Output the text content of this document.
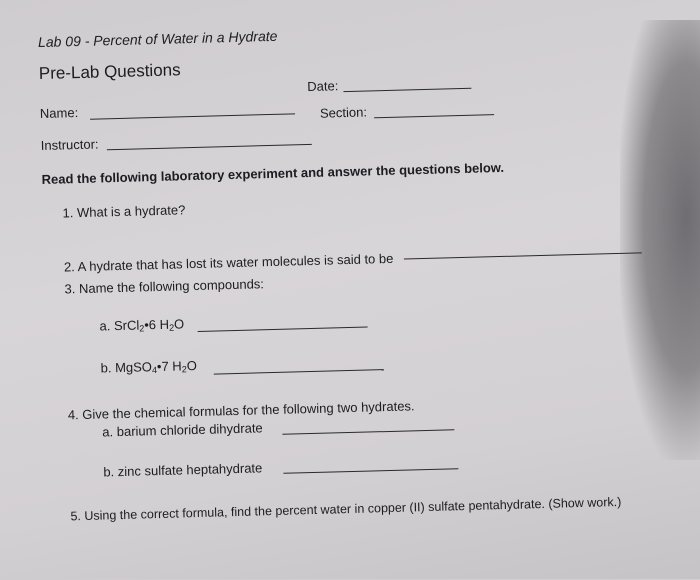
Lab 09 - Percent of Water in a Hydrate
Pre-Lab Questions
Name:
Date:
Section:
Instructor:
Read the following laboratory experiment and answer the questions below.
1. What is a hydrate?
2. A hydrate that has lost its water molecules is said to be
3. Name the following compounds:
a. SrCl$_2$•6 $H_2O$
b. MgSO$_4$•7 $H_2O$
4. Give the chemical formulas for the following two hydrates.
a. barium chloride dihydrate
b. zinc sulfate heptahydrate
5. Using the correct formula, find the percent water in copper (II) sulfate pentahydrate. (Show work.)
